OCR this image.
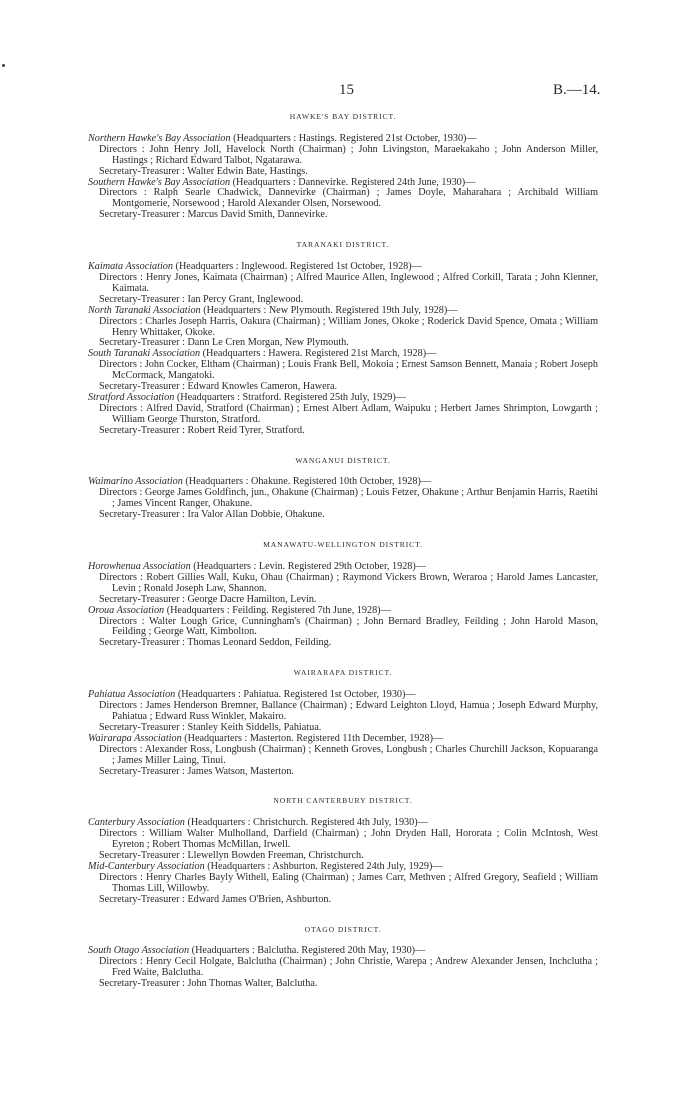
15	B.—14.
HAWKE'S BAY DISTRICT.

Northern Hawke's Bay Association (Headquarters : Hastings. Registered 21st October, 1930)—

Directors : John Henry Joll, Havelock North (Chairman) ; John Livingston, Maraekakaho ; John Anderson Miller, Hastings ; Richard Edward Talbot, Ngatarawa.

Secretary-Treasurer : Walter Edwin Bate, Hastings.

Southern Hawke's Bay Association (Headquarters : Dannevirke. Registered 24th June, 1930)—

Directors : Ralph Searle Chadwick, Dannevirke (Chairman) ; James Doyle, Maharahara ; Archibald William Montgomerie, Norsewood ; Harold Alexander Olsen, Norsewood.

Secretary-Treasurer : Marcus David Smith, Dannevirke.

TARANAKI DISTRICT.

Kaimata Association (Headquarters : Inglewood. Registered 1st October, 1928)—

Directors : Henry Jones, Kaimata (Chairman) ; Alfred Maurice Allen, Inglewood ; Alfred Corkill, Tarata ; John Klenner, Kaimata.

Secretary-Treasurer : Ian Percy Grant, Inglewood.

North Taranaki Association (Headquarters : New Plymouth. Registered 19th July, 1928)—

Directors : Charles Joseph Harris, Oakura (Chairman) ; William Jones, Okoke ; Roderick David Spence, Omata ; William Henry Whittaker, Okoke.

Secretary-Treasurer : Dann Le Cren Morgan, New Plymouth.

South Taranaki Association (Headquarters : Hawera. Registered 21st March, 1928)—

Directors : John Cocker, Eltham (Chairman) ; Louis Frank Bell, Mokoia ; Ernest Samson Bennett, Manaia ; Robert Joseph McCormack, Mangatoki.

Secretary-Treasurer : Edward Knowles Cameron, Hawera.

Stratford Association (Headquarters : Stratford. Registered 25th July, 1929)—

Directors : Alfred David, Stratford (Chairman) ; Ernest Albert Adlam, Waipuku ; Herbert James Shrimpton, Lowgarth ; William George Thurston, Stratford.

Secretary-Treasurer : Robert Reid Tyrer, Stratford.

WANGANUI DISTRICT.

Waimarino Association (Headquarters : Ohakune. Registered 10th October, 1928)—

Directors : George James Goldfinch, jun., Ohakune (Chairman) ; Louis Fetzer, Ohakune ; Arthur Benjamin Harris, Raetihi ; James Vincent Ranger, Ohakune.

Secretary-Treasurer : Ira Valor Allan Dobbie, Ohakune.

MANAWATU-WELLINGTON DISTRICT.

Horowhenua Association (Headquarters : Levin. Registered 29th October, 1928)—

Directors : Robert Gillies Wall, Kuku, Ohau (Chairman) ; Raymond Vickers Brown, Weraroa ; Harold James Lancaster, Levin ; Ronald Joseph Law, Shannon.

Secretary-Treasurer : George Dacre Hamilton, Levin.

Oroua Association (Headquarters : Feilding. Registered 7th June, 1928)—

Directors : Walter Lough Grice, Cunningham's (Chairman) ; John Bernard Bradley, Feilding ; John Harold Mason, Feilding ; George Watt, Kimbolton.

Secretary-Treasurer : Thomas Leonard Seddon, Feilding.

WAIRARAPA DISTRICT.

Pahiatua Association (Headquarters : Pahiatua. Registered 1st October, 1930)—

Directors : James Henderson Bremner, Ballance (Chairman) ; Edward Leighton Lloyd, Hamua ; Joseph Edward Murphy, Pahiatua ; Edward Russ Winkler, Makairo.

Secretary-Treasurer : Stanley Keith Siddells, Pahiatua.

Wairarapa Association (Headquarters : Masterton. Registered 11th December, 1928)—

Directors : Alexander Ross, Longbush (Chairman) ; Kenneth Groves, Longbush ; Charles Churchill Jackson, Kopuaranga ; James Miller Laing, Tinui.

Secretary-Treasurer : James Watson, Masterton.

NORTH CANTERBURY DISTRICT.

Canterbury Association (Headquarters : Christchurch. Registered 4th July, 1930)—

Directors : William Walter Mulholland, Darfield (Chairman) ; John Dryden Hall, Hororata ; Colin McIntosh, West Eyreton ; Robert Thomas McMillan, Irwell.

Secretary-Treasurer : Llewellyn Bowden Freeman, Christchurch.

Mid-Canterbury Association (Headquarters : Ashburton. Registered 24th July, 1929)—

Directors : Henry Charles Bayly Withell, Ealing (Chairman) ; James Carr, Methven ; Alfred Gregory, Seafield ; William Thomas Lill, Willowby.

Secretary-Treasurer : Edward James O'Brien, Ashburton.

OTAGO DISTRICT.

South Otago Association (Headquarters : Balclutha. Registered 20th May, 1930)—

Directors : Henry Cecil Holgate, Balclutha (Chairman) ; John Christie, Warepa ; Andrew Alexander Jensen, Inchclutha ; Fred Waite, Balclutha.

Secretary-Treasurer : John Thomas Walter, Balclutha.
